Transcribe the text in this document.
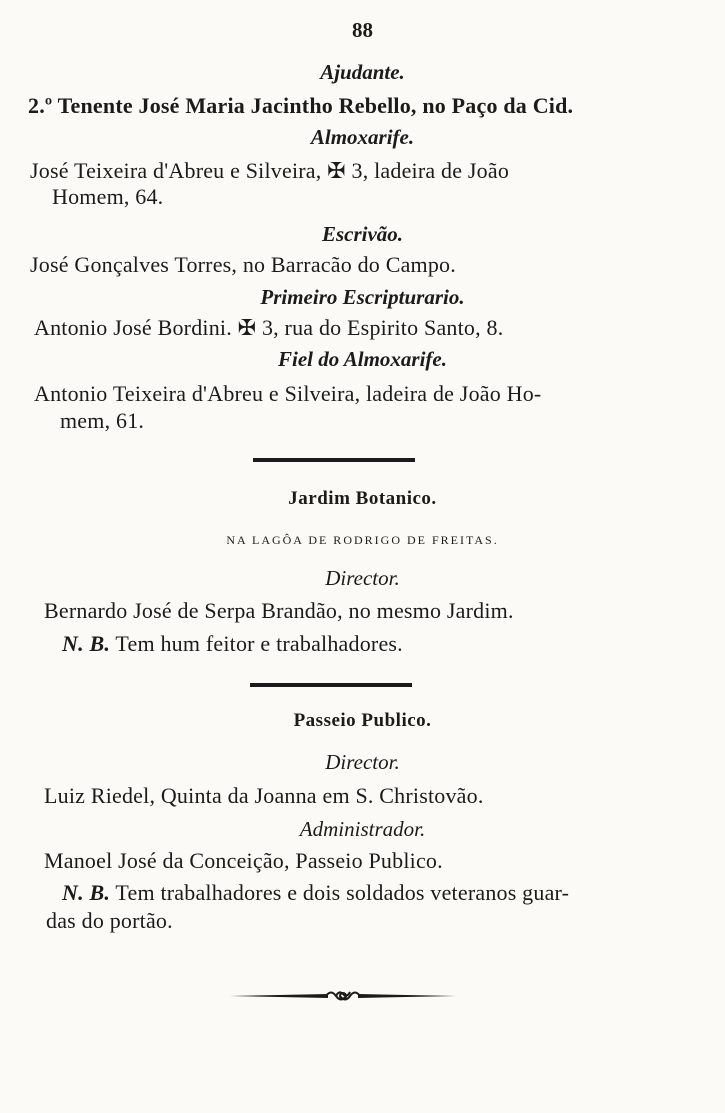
88
Ajudante.
2.º Tenente José Maria Jacintho Rebello, no Paço da Cid.
Almoxarife.
José Teixeira d'Abreu e Silveira, ✠ 3, ladeira de João
Homem, 64.
Escrivão.
José Gonçalves Torres, no Barracão do Campo.
Primeiro Escripturario.
Antonio José Bordini. ✠ 3, rua do Espirito Santo, 8.
Fiel do Almoxarife.
Antonio Teixeira d'Abreu e Silveira, ladeira de João Ho-
mem, 61.
Jardim Botanico.
NA LAGÔA DE RODRIGO DE FREITAS.
Director.
Bernardo José de Serpa Brandão, no mesmo Jardim.
N. B. Tem hum feitor e trabalhadores.
Passeio Publico.
Director.
Luiz Riedel, Quinta da Joanna em S. Christovão.
Administrador.
Manoel José da Conceição, Passeio Publico.
N. B. Tem trabalhadores e dois soldados veteranos guar-
das do portão.
